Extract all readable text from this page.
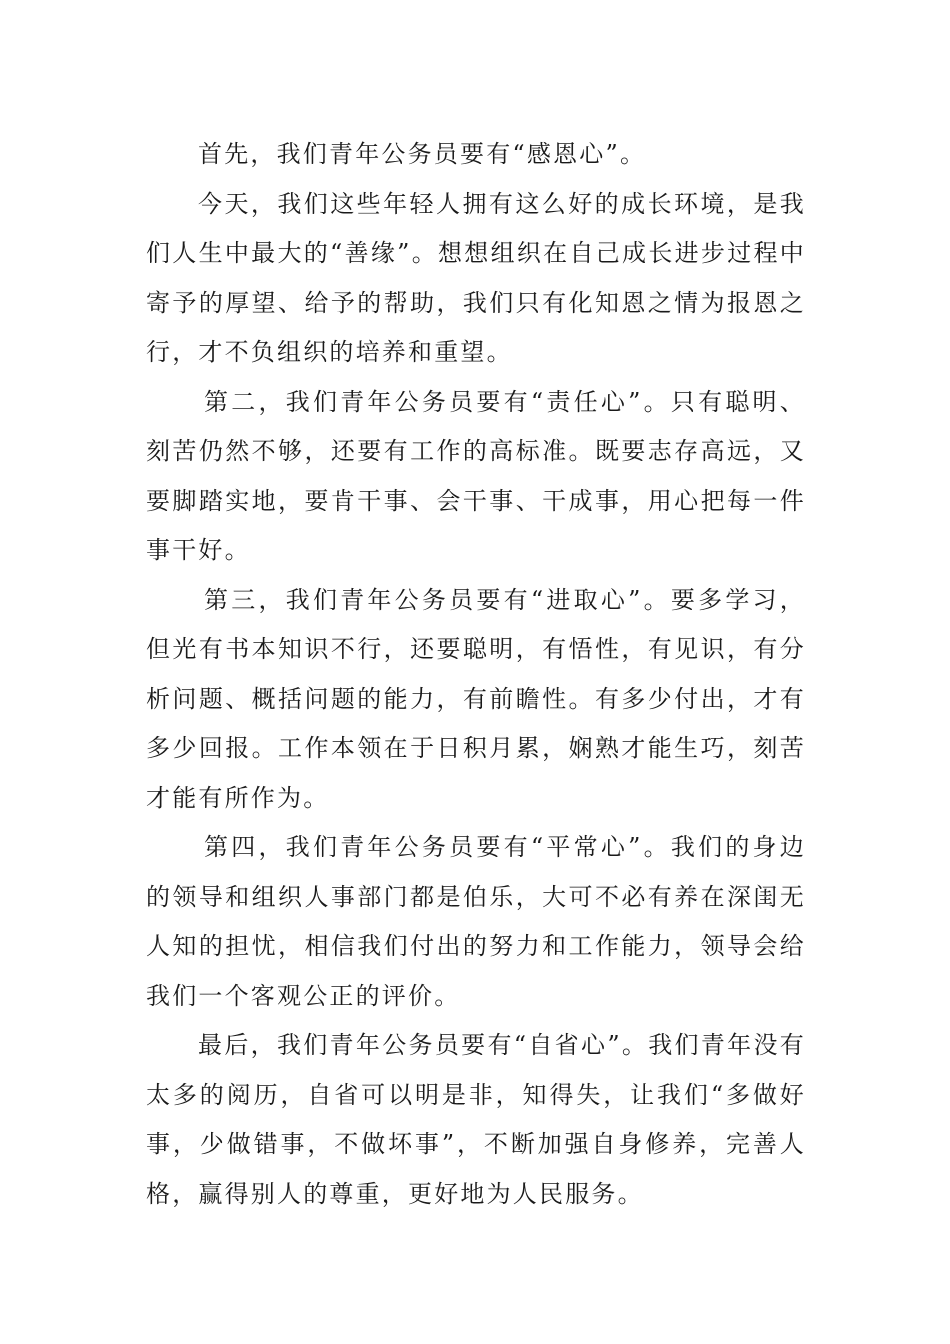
首先，我们青年公务员要有“感恩心”。

今天，我们这些年轻人拥有这么好的成长环境，是我们人生中最大的“善缘”。想想组织在自己成长进步过程中寄予的厚望、给予的帮助，我们只有化知恩之情为报恩之行，才不负组织的培养和重望。

第二，我们青年公务员要有“责任心”。只有聪明、刻苦仍然不够，还要有工作的高标准。既要志存高远，又要脚踏实地，要肯干事、会干事、干成事，用心把每一件事干好。

第三，我们青年公务员要有“进取心”。要多学习，但光有书本知识不行，还要聪明，有悟性，有见识，有分析问题、概括问题的能力，有前瞻性。有多少付出，才有多少回报。工作本领在于日积月累，娴熟才能生巧，刻苦才能有所作为。

第四，我们青年公务员要有“平常心”。我们的身边的领导和组织人事部门都是伯乐，大可不必有养在深闺无人知的担忧，相信我们付出的努力和工作能力，领导会给我们一个客观公正的评价。

最后，我们青年公务员要有“自省心”。我们青年没有太多的阅历，自省可以明是非，知得失，让我们“多做好事，少做错事，不做坏事”，不断加强自身修养，完善人格，赢得别人的尊重，更好地为人民服务。
